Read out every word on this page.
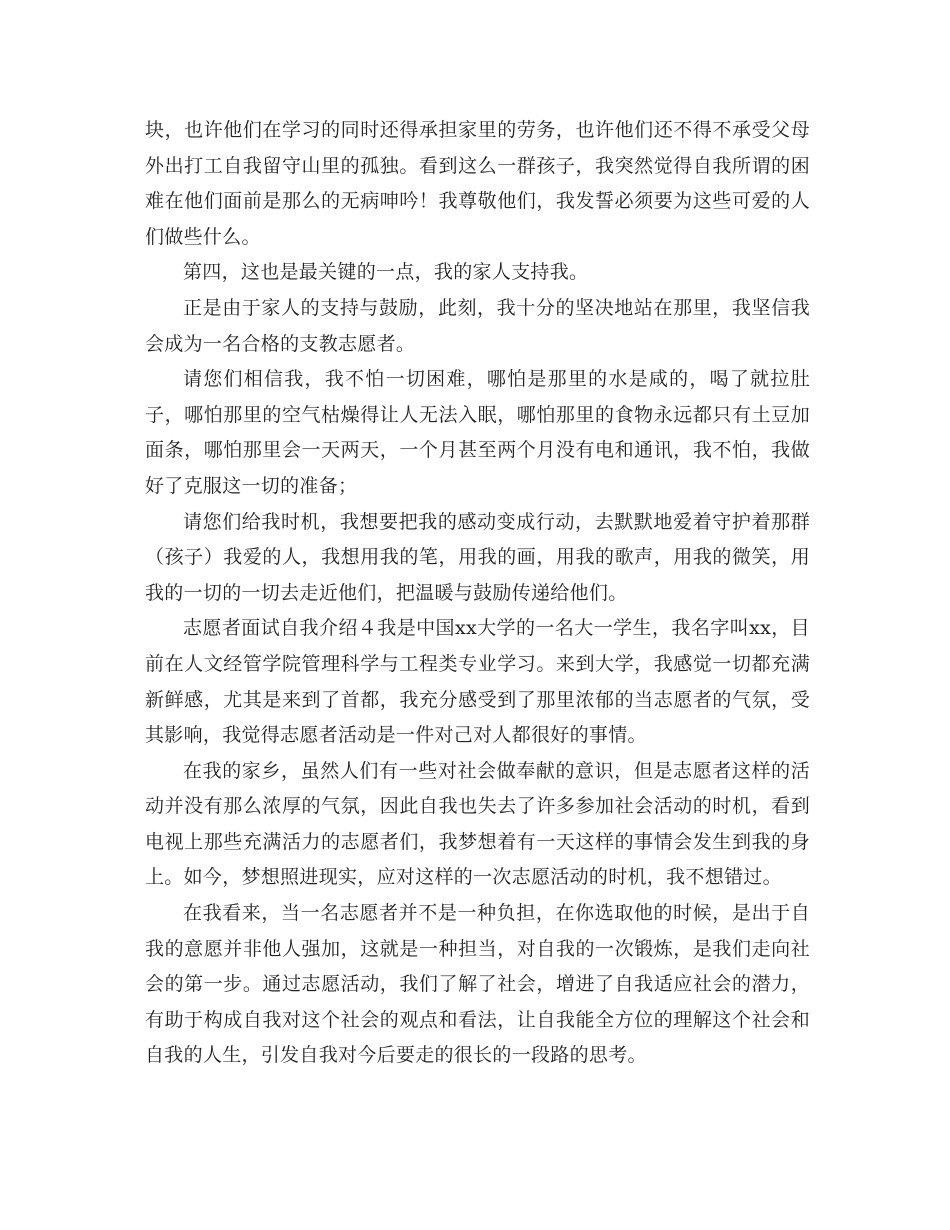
块，也许他们在学习的同时还得承担家里的劳务，也许他们还不得不承受父母外出打工自我留守山里的孤独。看到这么一群孩子，我突然觉得自我所谓的困难在他们面前是那么的无病呻吟！我尊敬他们，我发誓必须要为这些可爱的人们做些什么。

第四，这也是最关键的一点，我的家人支持我。

正是由于家人的支持与鼓励，此刻，我十分的坚决地站在那里，我坚信我会成为一名合格的支教志愿者。

请您们相信我，我不怕一切困难，哪怕是那里的水是咸的，喝了就拉肚子，哪怕那里的空气枯燥得让人无法入眠，哪怕那里的食物永远都只有土豆加面条，哪怕那里会一天两天，一个月甚至两个月没有电和通讯，我不怕，我做好了克服这一切的准备；

请您们给我时机，我想要把我的感动变成行动，去默默地爱着守护着那群（孩子）我爱的人，我想用我的笔，用我的画，用我的歌声，用我的微笑，用我的一切的一切去走近他们，把温暖与鼓励传递给他们。

志愿者面试自我介绍４我是中国xx大学的一名大一学生，我名字叫xx，目前在人文经管学院管理科学与工程类专业学习。来到大学，我感觉一切都充满新鲜感，尤其是来到了首都，我充分感受到了那里浓郁的当志愿者的气氛，受其影响，我觉得志愿者活动是一件对己对人都很好的事情。

在我的家乡，虽然人们有一些对社会做奉献的意识，但是志愿者这样的活动并没有那么浓厚的气氛，因此自我也失去了许多参加社会活动的时机，看到电视上那些充满活力的志愿者们，我梦想着有一天这样的事情会发生到我的身上。如今，梦想照进现实，应对这样的一次志愿活动的时机，我不想错过。

在我看来，当一名志愿者并不是一种负担，在你选取他的时候，是出于自我的意愿并非他人强加，这就是一种担当，对自我的一次锻炼，是我们走向社会的第一步。通过志愿活动，我们了解了社会，增进了自我适应社会的潜力，有助于构成自我对这个社会的观点和看法，让自我能全方位的理解这个社会和自我的人生，引发自我对今后要走的很长的一段路的思考。
